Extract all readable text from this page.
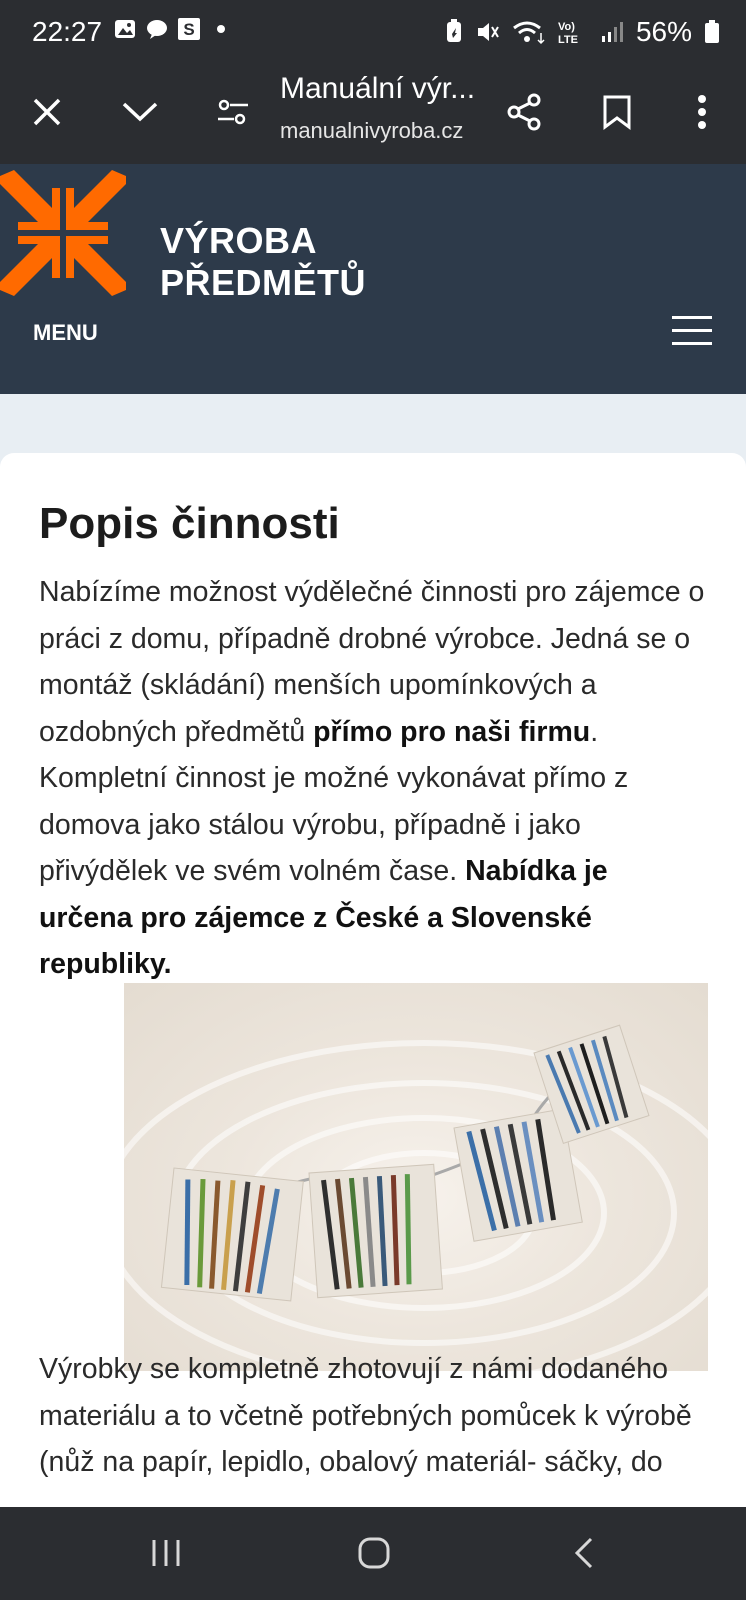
22:27	S	Vo)
LTE 56%
Manuální výr...
manualnivyroba.cz
VÝROBA
PŘEDMĚTŮ
MENU
Popis činnosti

Nabízíme možnost výdělečné činnosti pro zájemce o práci z domu, případně drobné výrobce. Jedná se o montáž (skládání) menších upomínkových a ozdobných předmětů přímo pro naši firmu. Kompletní činnost je možné vykonávat přímo z domova jako stálou výrobu, případně i jako přivýdělek ve svém volném čase. Nabídka je určena pro zájemce z České a Slovenské republiky.

Výrobky se kompletně zhotovují z námi dodaného materiálu a to včetně potřebných pomůcek k výrobě (nůž na papír, lepidlo, obalový materiál- sáčky, do
